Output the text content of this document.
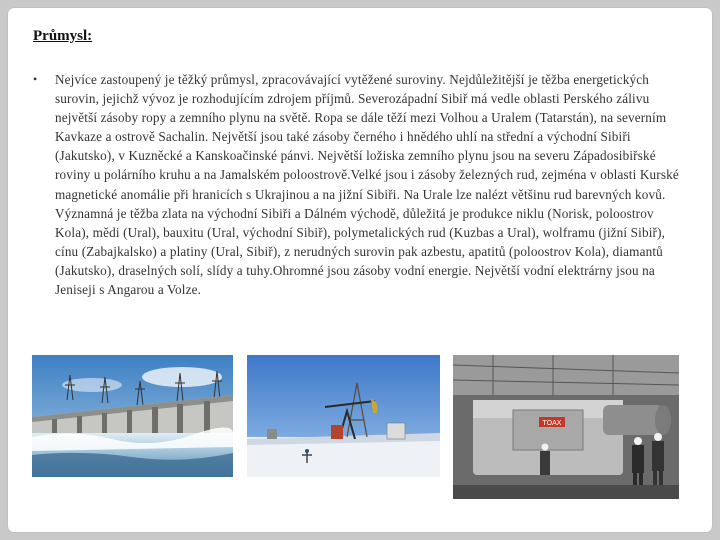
Průmysl:
•	Nejvíce zastoupený je těžký průmysl, zpracovávající vytěžené suroviny. Nejdůležitější je těžba energetických surovin, jejichž vývoz je rozhodujícím zdrojem příjmů. Severozápadní Sibiř má vedle oblasti Perského zálivu největší zásoby ropy a zemního plynu na světě. Ropa se dále těží mezi Volhou a Uralem (Tatarstán), na severním Kavkaze a ostrově Sachalin. Největší jsou také zásoby černého i hnědého uhlí na střední a východní Sibiři (Jakutsko), v Kuzněcké a Kanskoačinské pánvi. Největší ložiska zemního plynu jsou na severu Západosibiřské roviny u polárního kruhu a na Jamalském poloostrově.Velké jsou i zásoby železných rud, zejména v oblasti Kurské magnetické anomálie při hranicích s Ukrajinou a na jižní Sibiři. Na Urale lze nalézt většinu rud barevných kovů. Významná je těžba zlata na východní Sibiři a Dálném východě, důležitá je produkce niklu (Norisk, poloostrov Kola), mědi (Ural), bauxitu (Ural, východní Sibiř), polymetalických rud (Kuzbas a Ural), wolframu (jižní Sibiř), cínu (Zabajkalsko) a platiny (Ural, Sibiř), z nerudných surovin pak azbestu, apatitů (poloostrov Kola), diamantů (Jakutsko), draselných solí, slídy a tuhy.Ohromné jsou zásoby vodní energie. Největší vodní elektrárny jsou na Jeniseji s Angarou a Volze.
TOAX
